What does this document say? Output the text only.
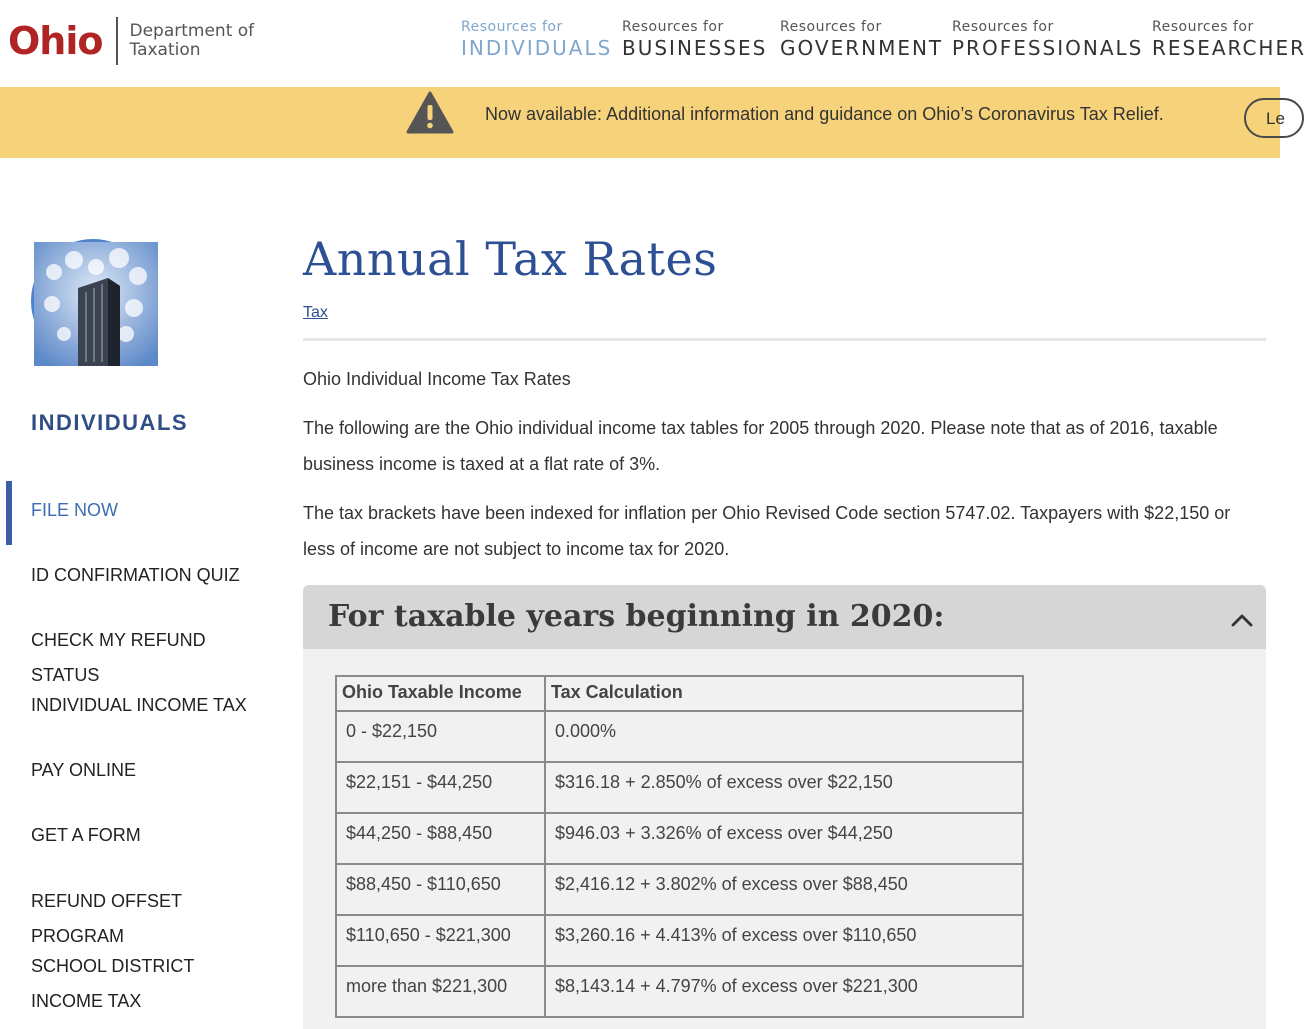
Ohio Department of
Taxation
Resources for
INDIVIDUALS
Resources for
BUSINESSES
Resources for
GOVERNMENT
Resources for
PROFESSIONALS
Resources for
RESEARCHER
Now available: Additional information and guidance on Ohio’s Coronavirus Tax Relief.	Le
INDIVIDUALS
FILE NOW
ID CONFIRMATION QUIZ
CHECK MY REFUND STATUS
INDIVIDUAL INCOME TAX
PAY ONLINE
GET A FORM
REFUND OFFSET PROGRAM
SCHOOL DISTRICT INCOME TAX
Annual Tax Rates
Tax
Ohio Individual Income Tax Rates
The following are the Ohio individual income tax tables for 2005 through 2020. Please note that as of 2016, taxable business income is taxed at a flat rate of 3%.
The tax brackets have been indexed for inflation per Ohio Revised Code section 5747.02. Taxpayers with $22,150 or less of income are not subject to income tax for 2020.
For taxable years beginning in 2020:
Ohio Taxable Income	Tax Calculation
0 - $22,150	0.000%
$22,151 - $44,250	$316.18 + 2.850% of excess over $22,150
$44,250 - $88,450	$946.03 + 3.326% of excess over $44,250
$88,450 - $110,650	$2,416.12 + 3.802% of excess over $88,450
$110,650 - $221,300	$3,260.16 + 4.413% of excess over $110,650
more than $221,300	$8,143.14 + 4.797% of excess over $221,300
